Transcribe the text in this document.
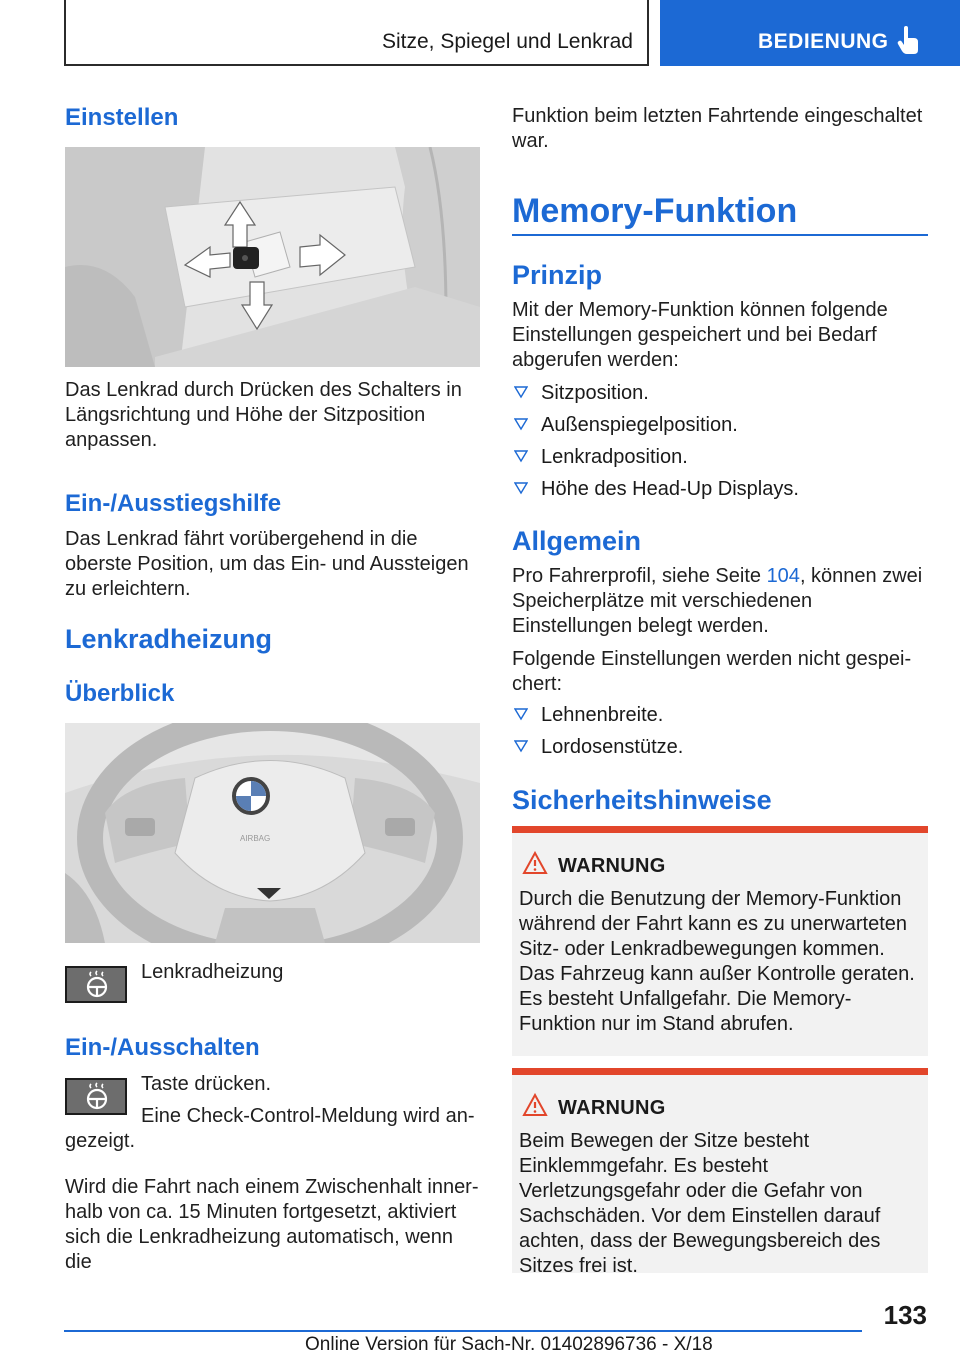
Sitze, Spiegel und Lenkrad	BEDIENUNG
Einstellen
Das Lenkrad durch Drücken des Schalters in Längsrichtung und Höhe der Sitzposition anpassen.
Ein-/Ausstiegshilfe
Das Lenkrad fährt vorübergehend in die oberste Position, um das Ein- und Aussteigen zu erleichtern.
Lenkradheizung
Überblick
AIRBAG
Lenkradheizung
Ein-/Ausschalten
Taste drücken.
Eine Check-Control-Meldung wird angezeigt.
Wird die Fahrt nach einem Zwischenhalt innerhalb von ca. 15 Minuten fortgesetzt, aktiviert sich die Lenkradheizung automatisch, wenn die
Funktion beim letzten Fahrtende eingeschaltet war.
Memory-Funktion
Prinzip
Mit der Memory-Funktion können folgende Einstellungen gespeichert und bei Bedarf abgerufen werden:
Sitzposition.
Außenspiegelposition.
Lenkradposition.
Höhe des Head-Up Displays.
Allgemein
Pro Fahrerprofil, siehe Seite 104, können zwei Speicherplätze mit verschiedenen Einstellungen belegt werden.
Folgende Einstellungen werden nicht gespeichert:
Lehnenbreite.
Lordosenstütze.
Sicherheitshinweise
WARNUNG
Durch die Benutzung der Memory-Funktion während der Fahrt kann es zu unerwarteten Sitz- oder Lenkradbewegungen kommen. Das Fahrzeug kann außer Kontrolle geraten. Es besteht Unfallgefahr. Die Memory-Funktion nur im Stand abrufen.
WARNUNG
Beim Bewegen der Sitze besteht Einklemmgefahr. Es besteht Verletzungsgefahr oder die Gefahr von Sachschäden. Vor dem Einstellen darauf achten, dass der Bewegungsbereich des Sitzes frei ist.
133
Online Version für Sach-Nr. 01402896736 - X/18
